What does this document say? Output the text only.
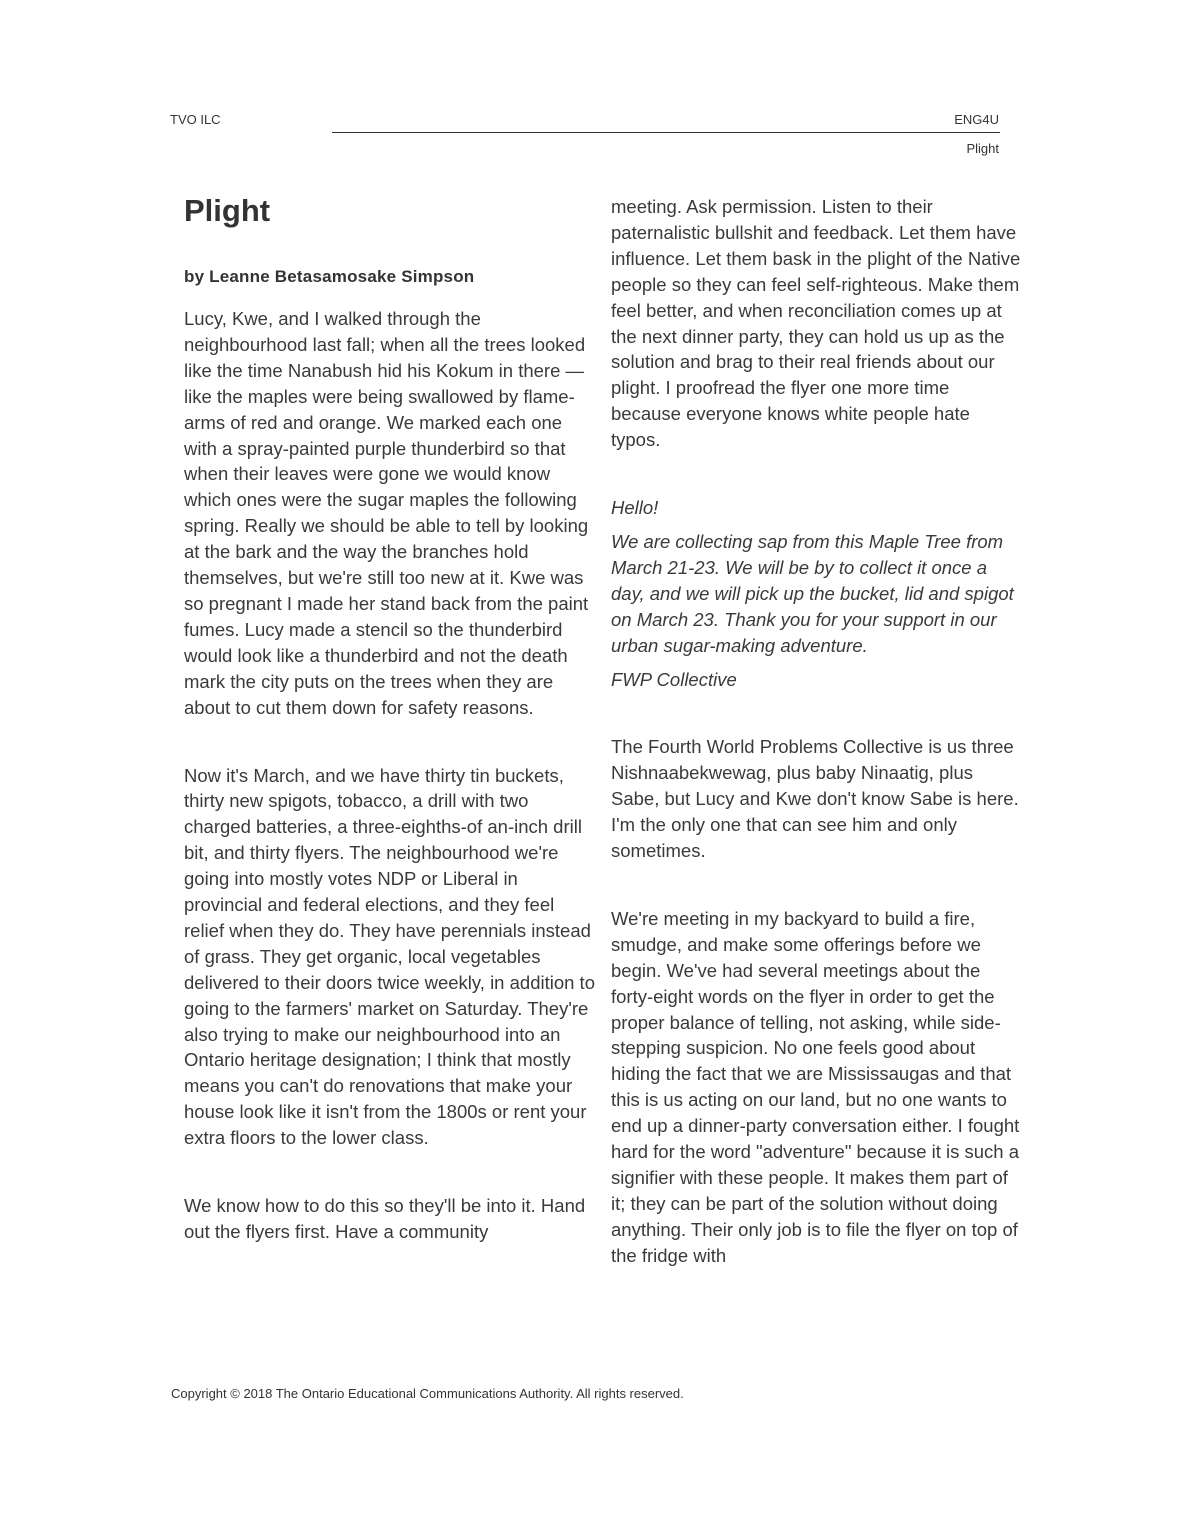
TVO ILC	ENG4U
Plight
Plight
by Leanne Betasamosake Simpson

Lucy, Kwe, and I walked through the neighbourhood last fall; when all the trees looked like the time Nanabush hid his Kokum in there — like the maples were being swallowed by flame-arms of red and orange. We marked each one with a spray-painted purple thunderbird so that when their leaves were gone we would know which ones were the sugar maples the following spring. Really we should be able to tell by looking at the bark and the way the branches hold themselves, but we're still too new at it. Kwe was so pregnant I made her stand back from the paint fumes. Lucy made a stencil so the thunderbird would look like a thunderbird and not the death mark the city puts on the trees when they are about to cut them down for safety reasons.

Now it's March, and we have thirty tin buckets, thirty new spigots, tobacco, a drill with two charged batteries, a three-eighths-of an-inch drill bit, and thirty flyers. The neighbourhood we're going into mostly votes NDP or Liberal in provincial and federal elections, and they feel relief when they do. They have perennials instead of grass. They get organic, local vegetables delivered to their doors twice weekly, in addition to going to the farmers' market on Saturday. They're also trying to make our neighbourhood into an Ontario heritage designation; I think that mostly means you can't do renovations that make your house look like it isn't from the 1800s or rent your extra floors to the lower class.

We know how to do this so they'll be into it. Hand out the flyers first. Have a community

meeting. Ask permission. Listen to their paternalistic bullshit and feedback. Let them have influence. Let them bask in the plight of the Native people so they can feel self-righteous. Make them feel better, and when reconciliation comes up at the next dinner party, they can hold us up as the solution and brag to their real friends about our plight. I proofread the flyer one more time because everyone knows white people hate typos.

Hello!

We are collecting sap from this Maple Tree from March 21-23. We will be by to collect it once a day, and we will pick up the bucket, lid and spigot on March 23. Thank you for your support in our urban sugar-making adventure.

FWP Collective

The Fourth World Problems Collective is us three Nishnaabekwewag, plus baby Ninaatig, plus Sabe, but Lucy and Kwe don't know Sabe is here. I'm the only one that can see him and only sometimes.

We're meeting in my backyard to build a fire, smudge, and make some offerings before we begin. We've had several meetings about the forty-eight words on the flyer in order to get the proper balance of telling, not asking, while side-stepping suspicion. No one feels good about hiding the fact that we are Mississaugas and that this is us acting on our land, but no one wants to end up a dinner-party conversation either. I fought hard for the word "adventure" because it is such a signifier with these people. It makes them part of it; they can be part of the solution without doing anything. Their only job is to file the flyer on top of the fridge with

Copyright © 2018 The Ontario Educational Communications Authority. All rights reserved.
